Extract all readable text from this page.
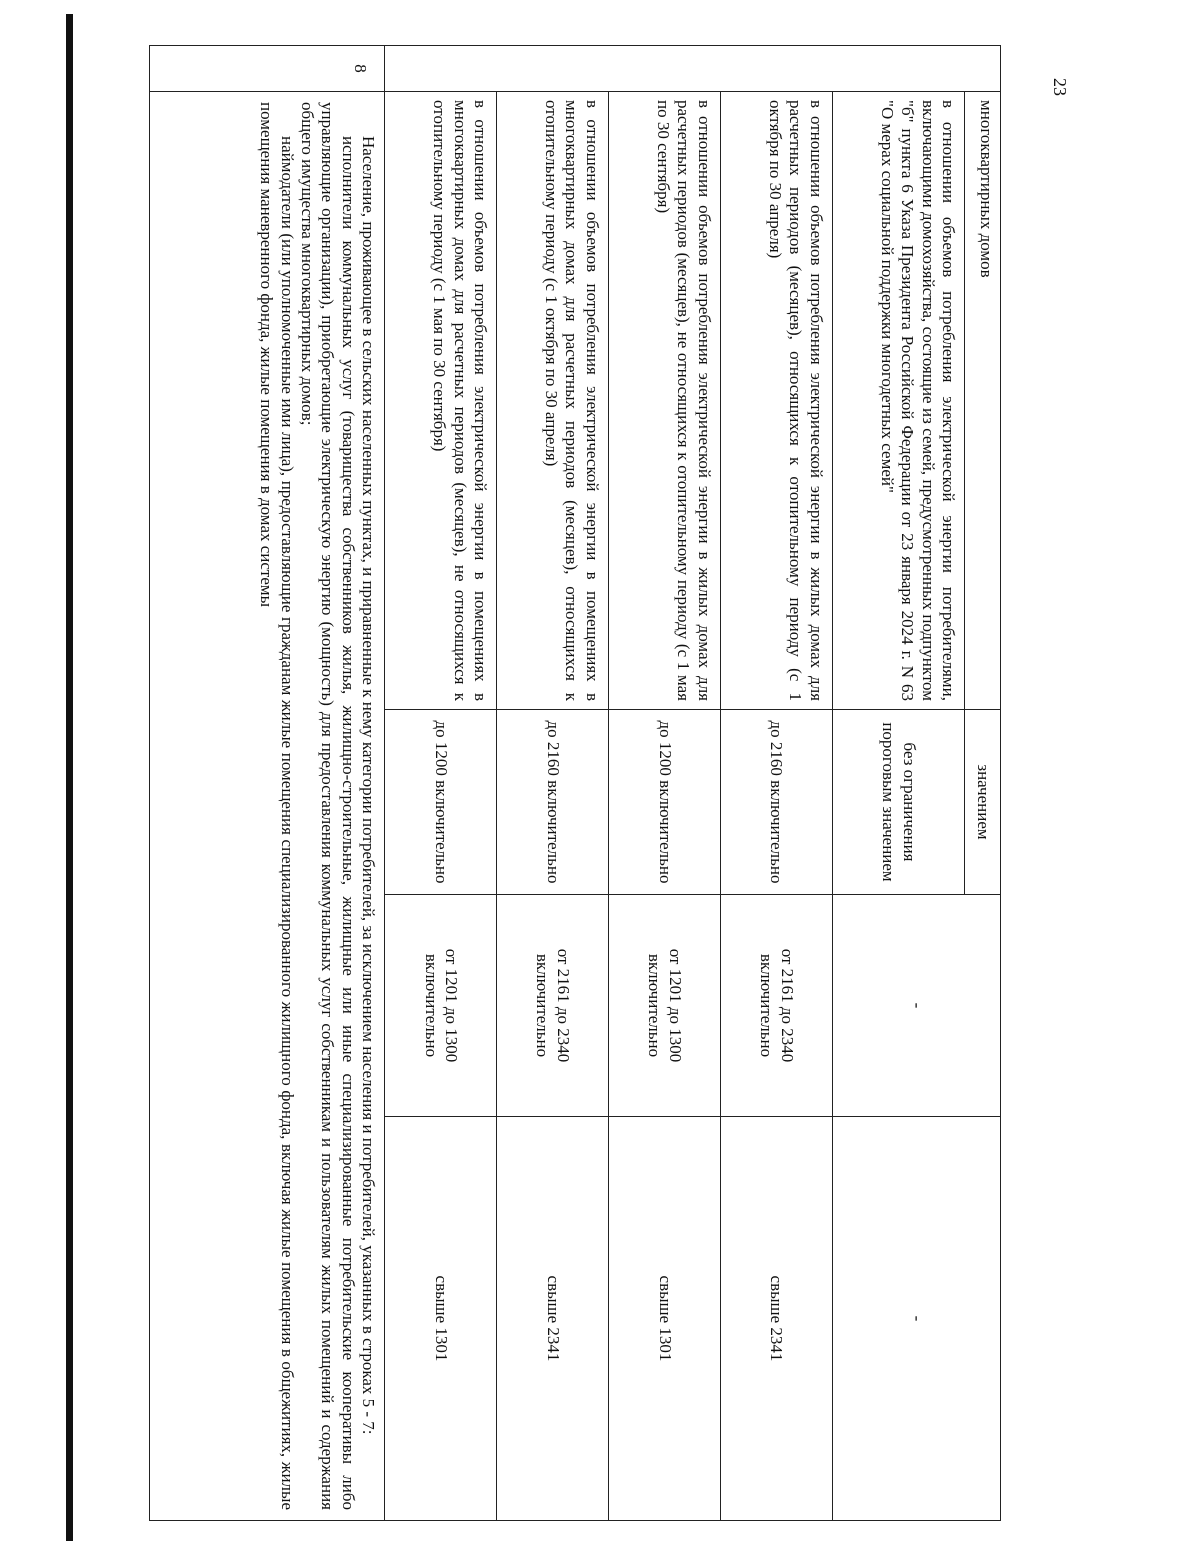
23
	многоквартирных домов	значением	-	-
	в отношении объемов потребления электрической энергии потребителями, включающими домохозяйства, состоящие из семей, предусмотренных подпунктом "б" пункта 6 Указа Президента Российской Федерации от 23 января 2024 г. N 63 "О мерах социальной поддержки многодетных семей"	без ограничения пороговым значением		
	в отношении объемов потребления электрической энергии в жилых домах для расчетных периодов (месяцев), относящихся к отопительному периоду (с 1 октября по 30 апреля)	до 2160 включительно	от 2161 до 2340 включительно	свыше 2341
	в отношении объемов потребления электрической энергии в жилых домах для расчетных периодов (месяцев), не относящихся к отопительному периоду (с 1 мая по 30 сентября)	до 1200 включительно	от 1201 до 1300 включительно	свыше 1301
	в отношении объемов потребления электрической энергии в помещениях в многоквартирных домах для расчетных периодов (месяцев), относящихся к отопительному периоду (с 1 октября по 30 апреля)	до 2160 включительно	от 2161 до 2340 включительно	свыше 2341
	в отношении объемов потребления электрической энергии в помещениях в многоквартирных домах для расчетных периодов (месяцев), не относящихся к отопительному периоду (с 1 мая по 30 сентября)	до 1200 включительно	от 1201 до 1300 включительно	свыше 1301
8	Население, проживающее в сельских населенных пунктах, и приравненные к нему категории потребителей, за исключением населения и потребителей, указанных в строках 5 - 7:

исполнители коммунальных услуг (товарищества собственников жилья, жилищно-строительные, жилищные или иные специализированные потребительские кооперативы либо управляющие организации), приобретающие электрическую энергию (мощность) для предоставления коммунальных услуг собственникам и пользователям жилых помещений и содержания общего имущества многоквартирных домов;

наймодатели (или уполномоченные ими лица), предоставляющие гражданам жилые помещения специализированного жилищного фонда, включая жилые помещения в общежитиях, жилые помещения маневренного фонда, жилые помещения в домах системы			
